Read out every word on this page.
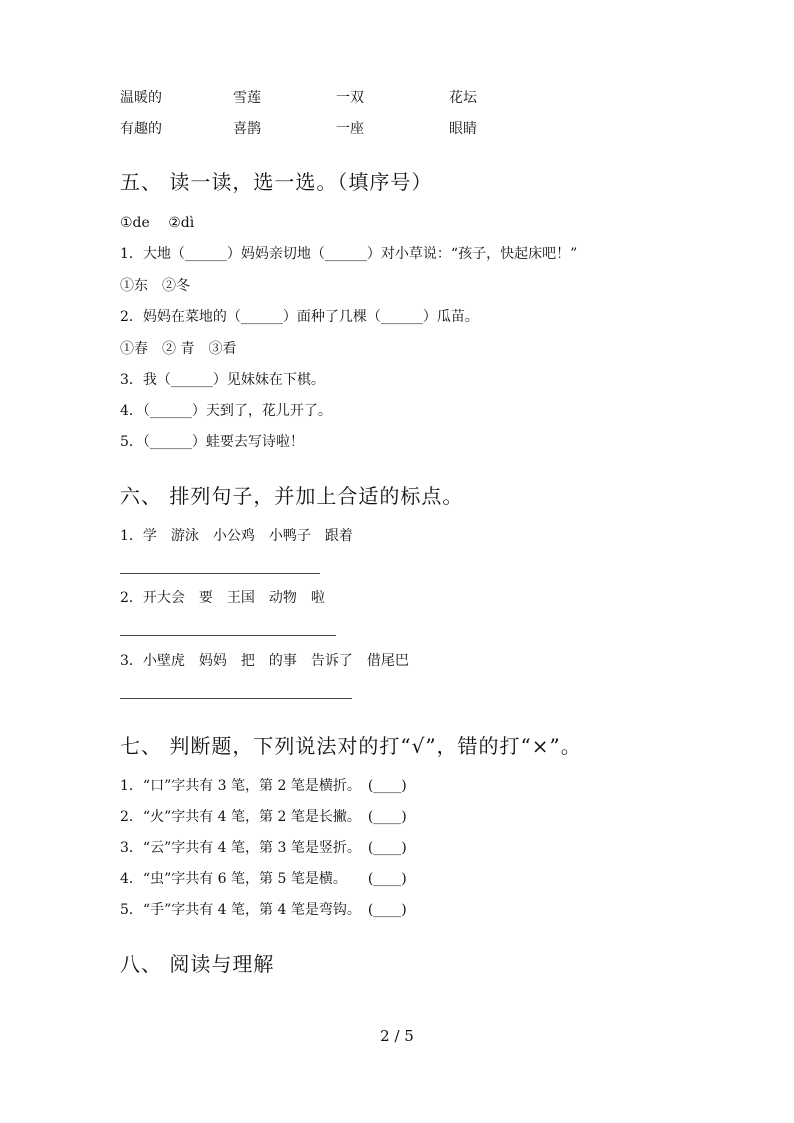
温暖的	雪莲	一双	花坛
有趣的	喜鹊	一座	眼睛
五、 读一读，选一选。（填序号）
①de　 ②dì
1．大地（______）妈妈亲切地（______）对小草说：“孩子，快起床吧！”
①东　②冬
2．妈妈在菜地的（______）面种了几棵（______）瓜苗。
①春　② 青　③看
3．我（______）见妹妹在下棋。
4．（______）天到了，花儿开了。
5．（______）蛙要去写诗啦！
六、 排列句子，并加上合适的标点。
1．学　游泳　小公鸡　小鸭子　跟着
2．开大会　要　王国　动物　啦
3．小壁虎　妈妈　把　的事　告诉了　借尾巴
七、 判断题，下列说法对的打“√”，错的打“×”。
1．“口”字共有 3 笔，第 2 笔是横折。　(____)
2．“火”字共有 4 笔，第 2 笔是长撇。　(____)
3．“云”字共有 4 笔，第 3 笔是竖折。　(____)
4．“虫”字共有 6 笔，第 5 笔是横。　　(____)
5．“手”字共有 4 笔，第 4 笔是弯钩。　(____)
八、 阅读与理解
2 / 5
